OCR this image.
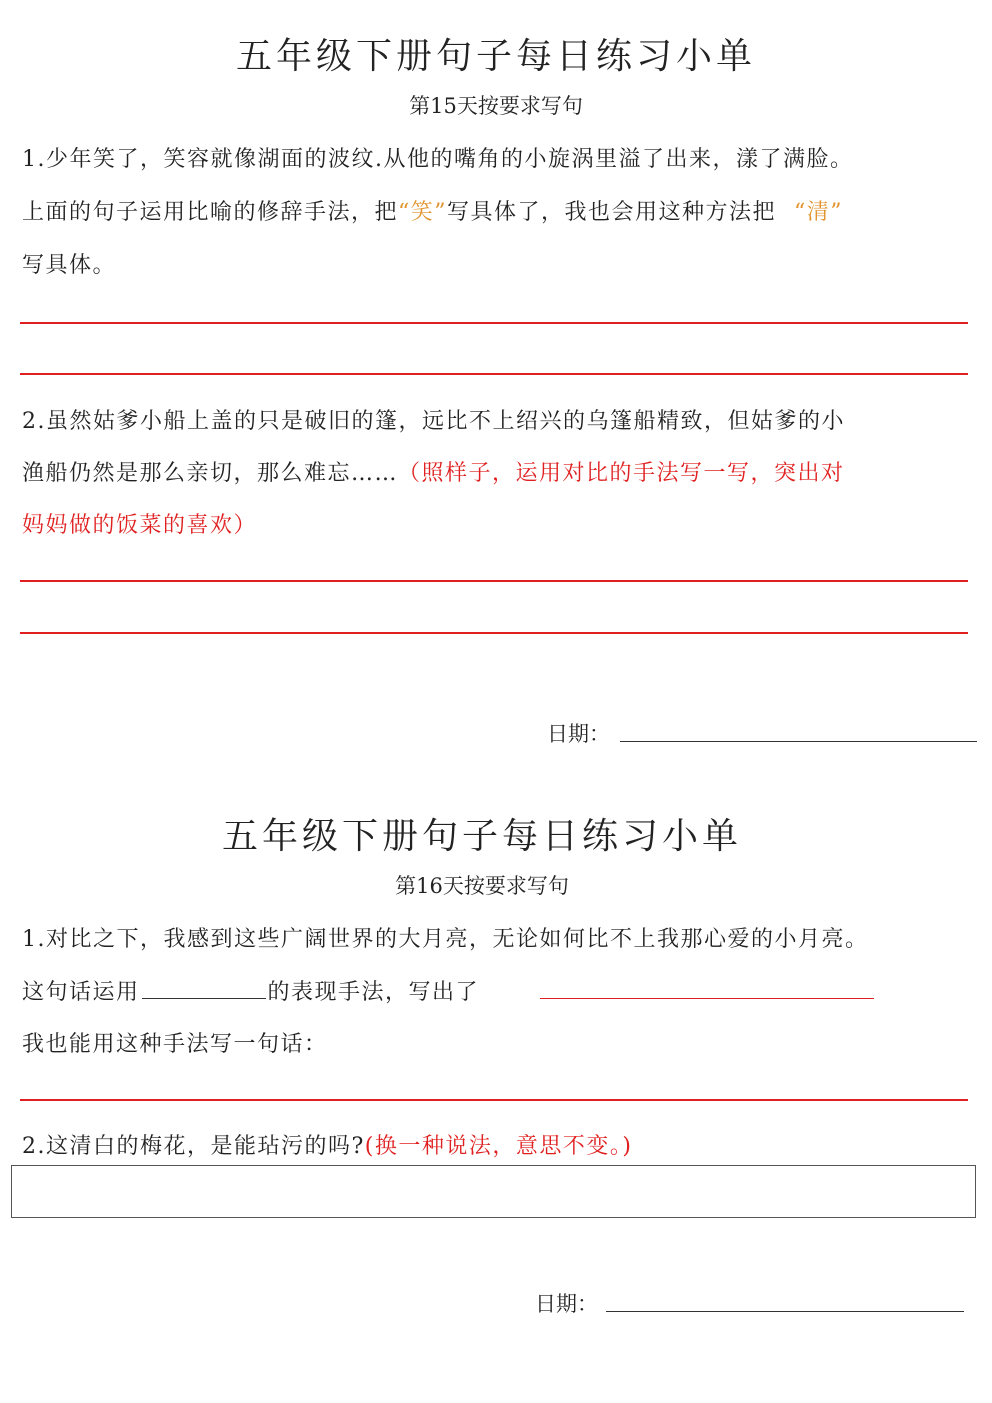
五年级下册句子每日练习小单
第15天按要求写句
1.少年笑了，笑容就像湖面的波纹.从他的嘴角的小旋涡里溢了出来，漾了满脸。
上面的句子运用比喻的修辞手法，把“笑”写具体了，我也会用这种方法把 “清”
写具体。
2.虽然姑爹小船上盖的只是破旧的篷，远比不上绍兴的乌篷船精致，但姑爹的小
渔船仍然是那么亲切，那么难忘……（照样子，运用对比的手法写一写，突出对
妈妈做的饭菜的喜欢）
日期：
五年级下册句子每日练习小单
第16天按要求写句
1.对比之下，我感到这些广阔世界的大月亮，无论如何比不上我那心爱的小月亮。
这句话运用	的表现手法，写出了
我也能用这种手法写一句话：
2.这清白的梅花，是能玷污的吗?(换一种说法，意思不变。)
日期：
